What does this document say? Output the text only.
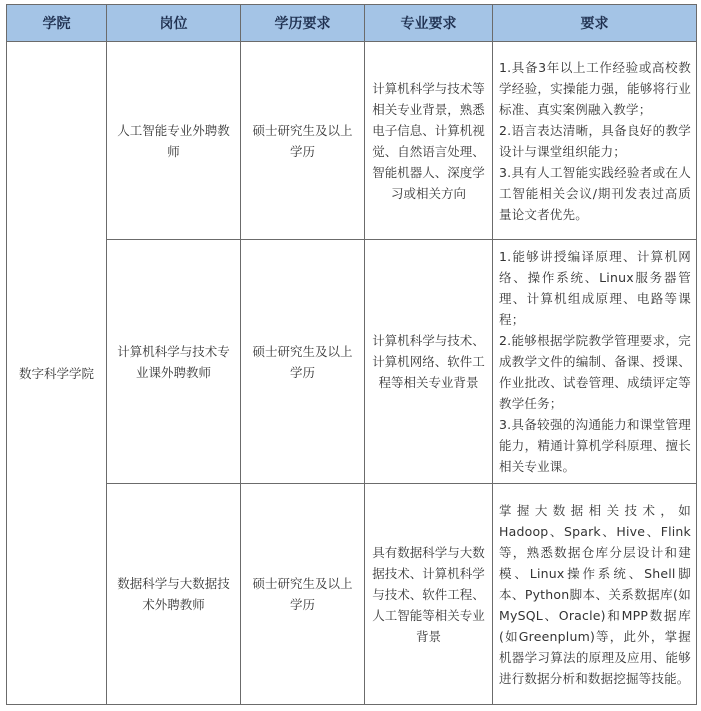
学院	岗位	学历要求	专业要求	要求
数字科学学院	人工智能专业外聘教师	硕士研究生及以上学历	计算机科学与技术等相关专业背景，熟悉电子信息、计算机视觉、自然语言处理、智能机器人、深度学习或相关方向	1.具备3年以上工作经验或高校教学经验，实操能力强，能够将行业标准、真实案例融入教学；

2.语言表达清晰，具备良好的教学设计与课堂组织能力；

3.具有人工智能实践经验者或在人工智能相关会议/期刊发表过高质量论文者优先。

	计算机科学与技术专业课外聘教师	硕士研究生及以上学历	计算机科学与技术、计算机网络、软件工程等相关专业背景	1.能够讲授编译原理、计算机网络、操作系统、Linux服务器管理、计算机组成原理、电路等课程；

2.能够根据学院教学管理要求，完成教学文件的编制、备课、授课、作业批改、试卷管理、成绩评定等教学任务；

3.具备较强的沟通能力和课堂管理能力，精通计算机学科原理、擅长相关专业课。

	数据科学与大数据技术外聘教师	硕士研究生及以上学历	具有数据科学与大数据技术、计算机科学与技术、软件工程、人工智能等相关专业背景	掌握大数据相关技术，如Hadoop、Spark、Hive、Flink等，熟悉数据仓库分层设计和建模、Linux操作系统、Shell脚本、Python脚本、关系数据库(如MySQL、Oracle)和MPP数据库(如Greenplum)等，此外，掌握机器学习算法的原理及应用、能够进行数据分析和数据挖掘等技能。
